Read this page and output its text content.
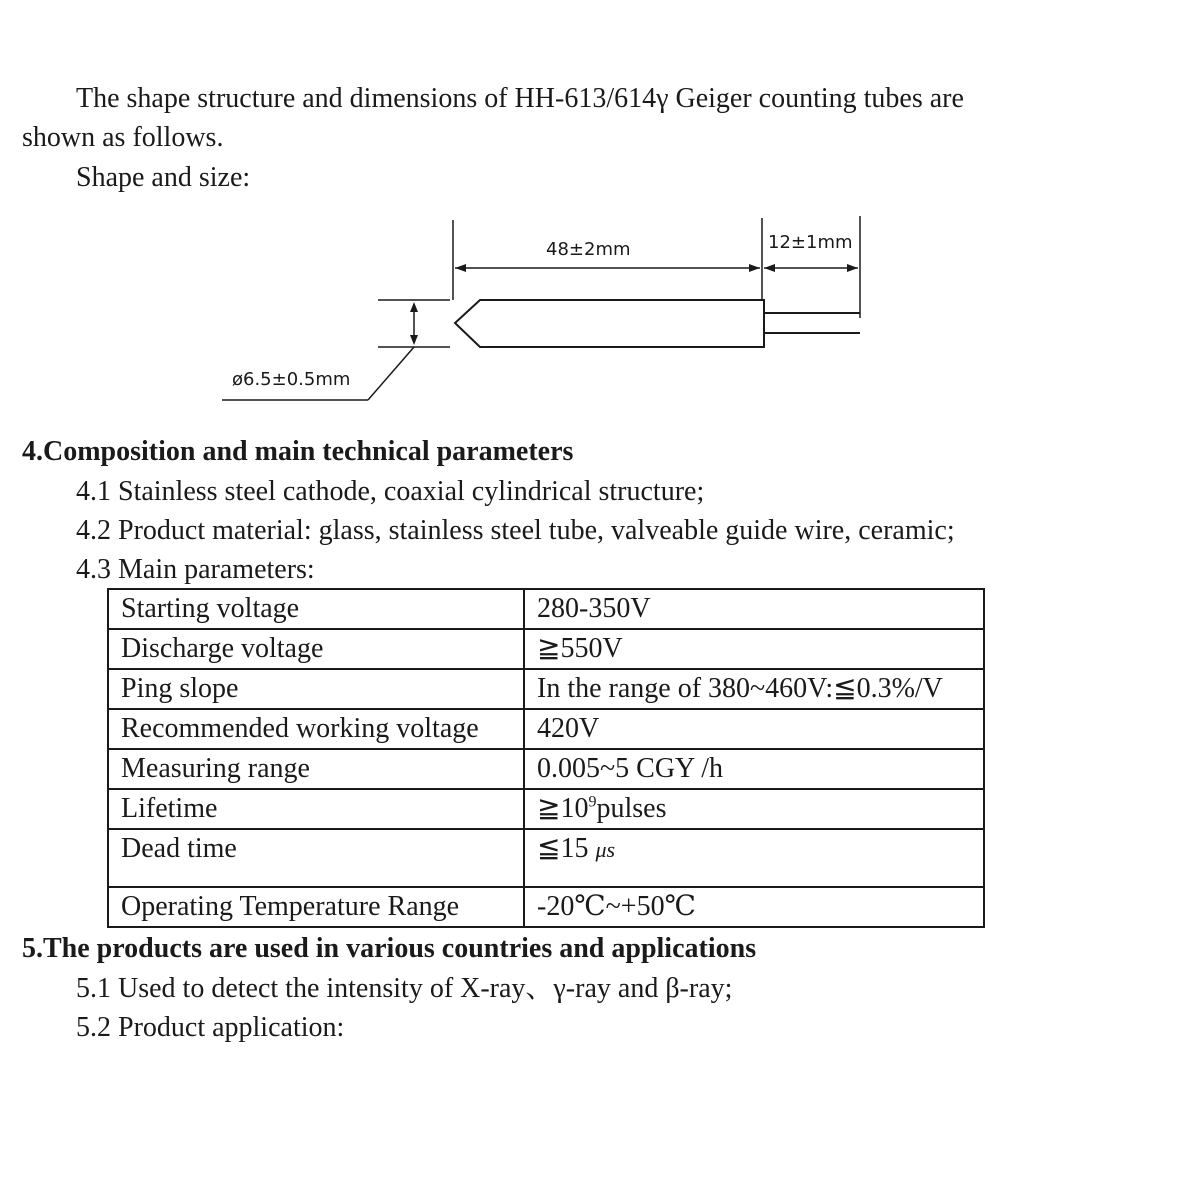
The shape structure and dimensions of HH-613/614γ Geiger counting tubes are
shown as follows.
Shape and size:
48±2mm	12±1mm
ø6.5±0.5mm
4.Composition and main technical parameters
4.1 Stainless steel cathode, coaxial cylindrical structure;
4.2 Product material: glass, stainless steel tube, valveable guide wire, ceramic;
4.3 Main parameters:
Starting voltage	280-350V
Discharge voltage	≧550V
Ping slope	In the range of 380~460V:≦0.3%/V
Recommended working voltage	420V
Measuring range	0.005~5 CGY /h
Lifetime	$≧10^9pulses$
Dead time	≦15 μs
Operating Temperature Range	-20℃~+50℃
5.The products are used in various countries and applications
5.1 Used to detect the intensity of X-ray、γ-ray and β-ray;
5.2 Product application:
